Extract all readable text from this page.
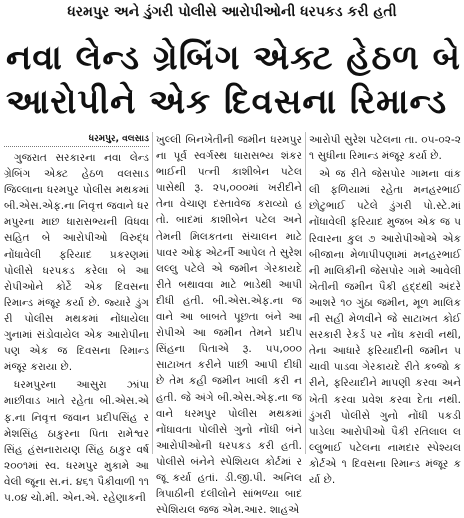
ધરમપુર અને ડુંગરી પોલીસે આરોપીઓની ધરપકડ કરી હતી
નવા લેન્ડ ગ્રેબિંગ એક્ટ હેઠળ બે
આરોપીને એક દિવસના રિમાન્ડ
ધરમપુર, વલસાડ

ગુજરાત સરકારના નવા લેન્ડ ગ્રેબિંગ એક્ટ હેઠળ વલસાડ જિલ્લાના ધરમપુર પોલીસ મથકમાં બી.એસ.એફ.ના નિવૃત્ત જવાને ધરમપુરના માછ ધારાસભ્યની વિધવા સહિત બે આરોપીઓ વિરુદ્ધ નોંધાવેલી ફરિયાદ પ્રકરણમાં પોલીસે ધરપકડ કરેલા બે આરોપીઓને કોર્ટે એક દિવસના રિમાન્ડ મંજૂર કર્યા છે. જ્યારે ડુંગરી પોલીસ મથકમાં નોંધાયેલા ગુનામાં સંડોવાયેલ એક આરોપીના પણ એક જ દિવસના રિમાન્ડ મંજૂર કરાયા છે.

ધરમપુરના આસુરા ઝાંપા માછીવાડ ખાતે રહેતા બી.એસ.એફ.ના નિવૃત્ત જવાન પ્રદીપસિંહ રમેશસિંહ ઠાકુરના પિતા રામેશ્વરસિંહ હંસનારાયણ સિંહ ઠાકુર વર્ષ ૨૦૦૧માં સ્વ. ધરમપુર મુકામે આવેલી જૂના સ.નં. ૪૬૧ પૈકીવાળી ૧૧૫.૦૪ ચો.મી. એન.એ. રહેણાકની

ખુલ્લી બિનખેતીની જમીન ધરમપુરના પૂર્વ સ્વર્ગસ્થ ધારાસભ્ય શંકરભાઈની પત્ની કાશીબેન પટેલ પાસેથી રૂ. ૨૫,૦૦૦માં ખરીદીને તેના વેચાણ દસ્તાવેજ કરાવ્યો હતો. બાદમાં કાશીબેન પટેલ અને તેમની મિલકતના સંચાલન માટે પાવર ઓફ એટર્ની આપેલ તે સુરેશ લલ્લુ પટેલે એ જમીન ગેરકાયદે રીતે બથાવવા માટે ભાડેથી આપી દીધી હતી. બી.એસ.એફ.ના જવાને આ બાબતે પૂછતા બંને આરોપીએ આ જમીન તેમને પ્રદીપસિંહના પિતાએ રૂ. ૫૫,૦૦૦ સાટાખત કરીને પાછી આપી દીધી છે તેમ કહી જમીન ખાલી કરી ન હતી. જે અંગે બી.એસ.એફ.ના જવાને ધરમપુર પોલીસ મથકમાં નોંધાવતા પોલીસે ગુનો નોંધી બંને આરોપીઓની ધરપકડ કરી હતી. પોલીસે બંનેને સ્પેશિયલ કોર્ટમાં રજૂ કર્યા હતાં. ડી.જી.પી. અનિલ ત્રિપાઠીની દલીલોને સાંભળ્યા બાદ સ્પેશિયલ જજ એમ.આર. શાહએ

આરોપી સુરેશ પટેલના તા. ૦૫-૦૨-૨૧ સુધીના રિમાન્ડ મંજૂર કર્યા છે.

એ જ રીતે જેસપોર ગામના વાંકલી ફળિયામાં રહેતા મનહરભાઈ છોટુભાઈ પટેલે ડુંગરી પો.સ્ટે.માં નોંધાવેલી ફરિયાદ મુજબ એક જ પરિવારના કુલ ૭ આરોપીઓએ એકબીજાના મેળાપીપણામાં મનહરભાઈની માલિકીની જેસપોર ગામે આવેલી ખેતીની જમીન પૈકી હદ્દથી અંદરે આશરે ૧૦ ગુંઠા જમીન, મૂળ માલિકની સહી મેળવીને જે સાટાખત કોઈ સરકારી રેકર્ડ પર નોંધ કરાવી નથી, તેના આધારે ફરિયાદીની જમીન પચાવી પાડવા ગેરકાયદે રીતે કબ્જો કરીને, ફરિયાદીને માપણી કરવા અને ખેતી કરવા પ્રવેશ કરવા દેતા નથી. ડુંગરી પોલીસે ગુનો નોંધી પકડી પાડેલા આરોપીઓ પૈકી રતિલાલ લલ્લુભાઈ પટેલના નામદાર સ્પેશ્યલ કોર્ટએ ૧ દિવસના રિમાન્ડ મંજૂર કર્યા છે.
